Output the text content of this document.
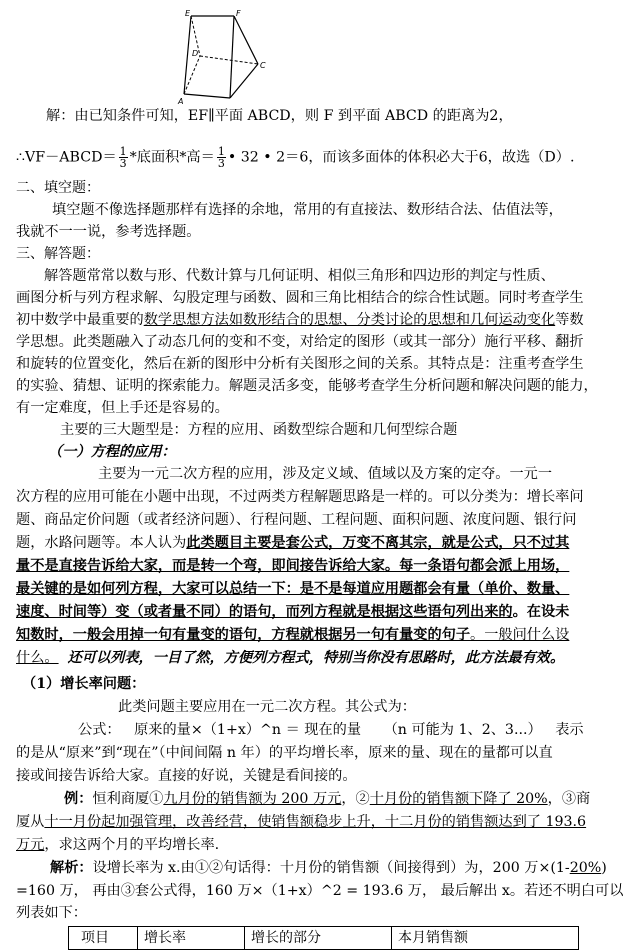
E	F
D
A
C
解：由已知条件可知，EF∥平面 ABCD，则 F 到平面 ABCD 的距离为2，
∴VF－ABCD＝ $\frac{1}{3}$ *底面积*高＝ $\frac{1}{3}$ • 32 • 2＝6，而该多面体的体积必大于6，故选（D）.
二、填空题：
填空题不像选择题那样有选择的余地，常用的有直接法、数形结合法、估值法等，
我就不一一说，参考选择题。
三、解答题：
解答题常常以数与形、代数计算与几何证明、相似三角形和四边形的判定与性质、
画图分析与列方程求解、勾股定理与函数、圆和三角比相结合的综合性试题。同时考查学生
初中数学中最重要的数学思想方法如数形结合的思想、分类讨论的思想和几何运动变化等数
学思想。此类题融入了动态几何的变和不变，对给定的图形（或其一部分）施行平移、翻折
和旋转的位置变化，然后在新的图形中分析有关图形之间的关系。其特点是：注重考查学生
的实验、猜想、证明的探索能力。解题灵活多变，能够考查学生分析问题和解决问题的能力，
有一定难度，但上手还是容易的。
主要的三大题型是：方程的应用、函数型综合题和几何型综合题
（一）方程的应用：
主要为一元二次方程的应用，涉及定义域、值域以及方案的定夺。一元一
次方程的应用可能在小题中出现，不过两类方程解题思路是一样的。可以分类为：增长率问
题、商品定价问题（或者经济问题）、行程问题、工程问题、面积问题、浓度问题、银行问
题，水路问题等。本人认为此类题目主要是套公式，万变不离其宗，就是公式，只不过其
量不是直接告诉给大家，而是转一个弯，即间接告诉给大家。每一条语句都会派上用场，
最关键的是如何列方程，大家可以总结一下：是不是每道应用题都会有量（单价、数量、
速度、时间等）变（或者量不同）的语句，而列方程就是根据这些语句列出来的。在设未
知数时，一般会用掉一句有量变的语句，方程就根据另一句有量变的句子。一般问什么设
什么。 还可以列表，一目了然，方便列方程式，特别当你没有思路时，此方法最有效。
（1）增长率问题：
此类问题主要应用在一元二次方程。其公式为：
公式： 原来的量×（1+x）^n ＝ 现在的量 （n 可能为 1、2、3...） 表示
的是从“原来”到“现在”（中间间隔 n 年）的平均增长率，原来的量、现在的量都可以直
接或间接告诉给大家。直接的好说，关键是看间接的。
例：恒利商厦①九月份的销售额为 200 万元，②十月份的销售额下降了 20%，③商
厦从十一月份起加强管理，改善经营，使销售额稳步上升，十二月份的销售额达到了 193.6
万元，求这两个月的平均增长率.
解析：设增长率为 x.由①②句话得：十月份的销售额（间接得到）为，200 万×(1-20%)
=160 万， 再由③套公式得，160 万×（1+x）^2 = 193.6 万， 最后解出 x。若还不明白可以
列表如下：
项目	增长率	增长的部分	本月销售额
